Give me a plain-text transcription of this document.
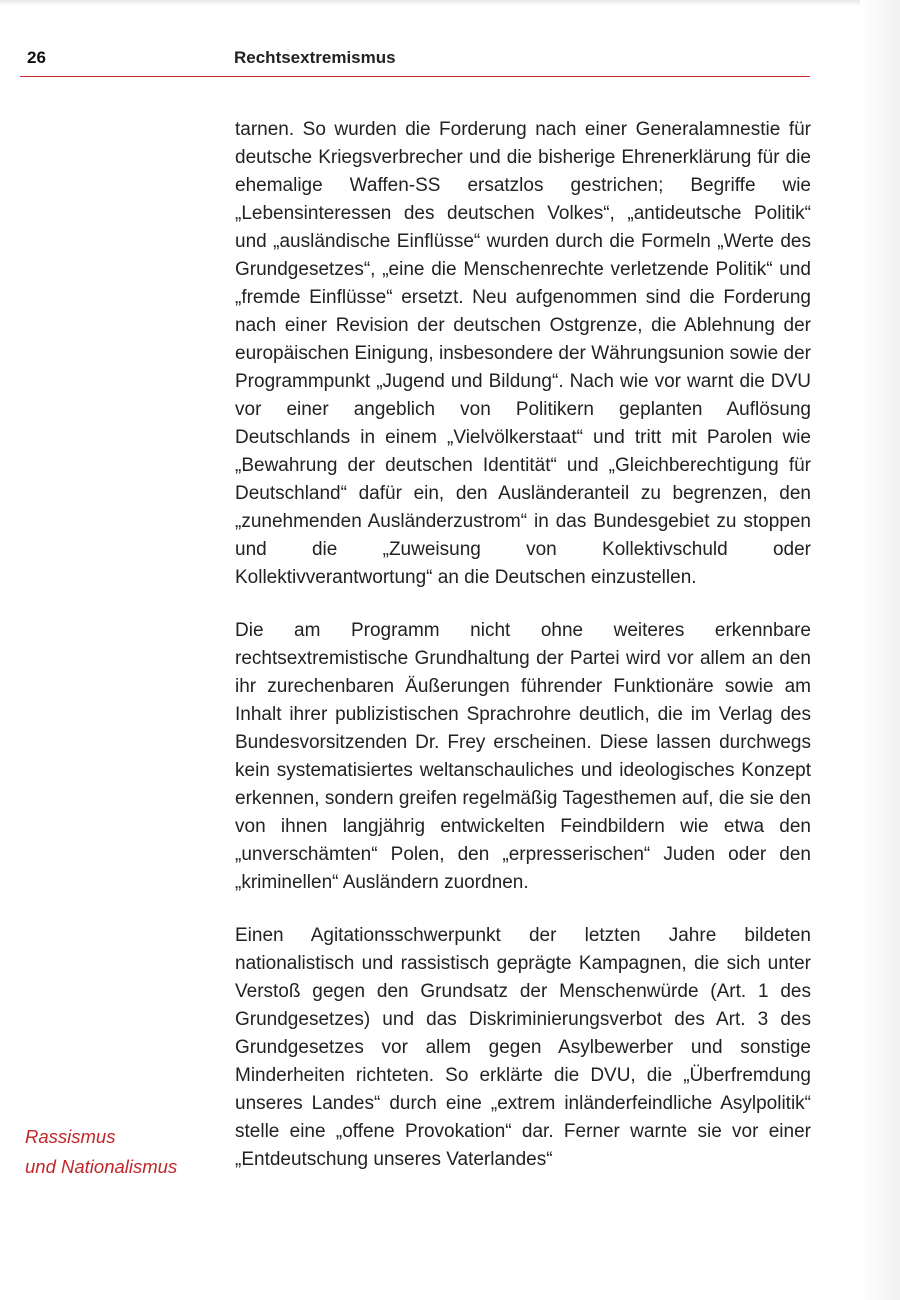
26	Rechtsextremismus
Rassismus
und Nationalismus

tarnen. So wurden die Forderung nach einer Generalamnestie für deutsche Kriegsverbrecher und die bisherige Ehrenerklärung für die ehemalige Waffen-SS ersatzlos gestrichen; Begriffe wie „Lebensinteressen des deutschen Volkes“, „antideutsche Politik“ und „ausländische Einflüsse“ wurden durch die Formeln „Werte des Grundgesetzes“, „eine die Menschenrechte verletzende Politik“ und „fremde Einflüsse“ ersetzt. Neu aufgenommen sind die Forderung nach einer Revision der deutschen Ostgrenze, die Ablehnung der europäischen Einigung, insbesondere der Währungsunion sowie der Programmpunkt „Jugend und Bildung“. Nach wie vor warnt die DVU vor einer angeblich von Politikern geplanten Auflösung Deutschlands in einem „Vielvölkerstaat“ und tritt mit Parolen wie „Bewahrung der deutschen Identität“ und „Gleichberechtigung für Deutschland“ dafür ein, den Ausländeranteil zu begrenzen, den „zunehmenden Ausländerzustrom“ in das Bundesgebiet zu stoppen und die „Zuweisung von Kollektivschuld oder Kollektivverantwortung“ an die Deutschen einzustellen.

Die am Programm nicht ohne weiteres erkennbare rechtsextremistische Grundhaltung der Partei wird vor allem an den ihr zurechenbaren Äußerungen führender Funktionäre sowie am Inhalt ihrer publizistischen Sprachrohre deutlich, die im Verlag des Bundesvorsitzenden Dr. Frey erscheinen. Diese lassen durchwegs kein systematisiertes weltanschauliches und ideologisches Konzept erkennen, sondern greifen regelmäßig Tagesthemen auf, die sie den von ihnen langjährig entwickelten Feindbildern wie etwa den „unverschämten“ Polen, den „erpresserischen“ Juden oder den „kriminellen“ Ausländern zuordnen.

Einen Agitationsschwerpunkt der letzten Jahre bildeten nationalistisch und rassistisch geprägte Kampagnen, die sich unter Verstoß gegen den Grundsatz der Menschenwürde (Art. 1 des Grundgesetzes) und das Diskriminierungsverbot des Art. 3 des Grundgesetzes vor allem gegen Asylbewerber und sonstige Minderheiten richteten. So erklärte die DVU, die „Überfremdung unseres Landes“ durch eine „extrem inländerfeindliche Asylpolitik“ stelle eine „offene Provokation“ dar. Ferner warnte sie vor einer „Entdeutschung unseres Vaterlandes“
